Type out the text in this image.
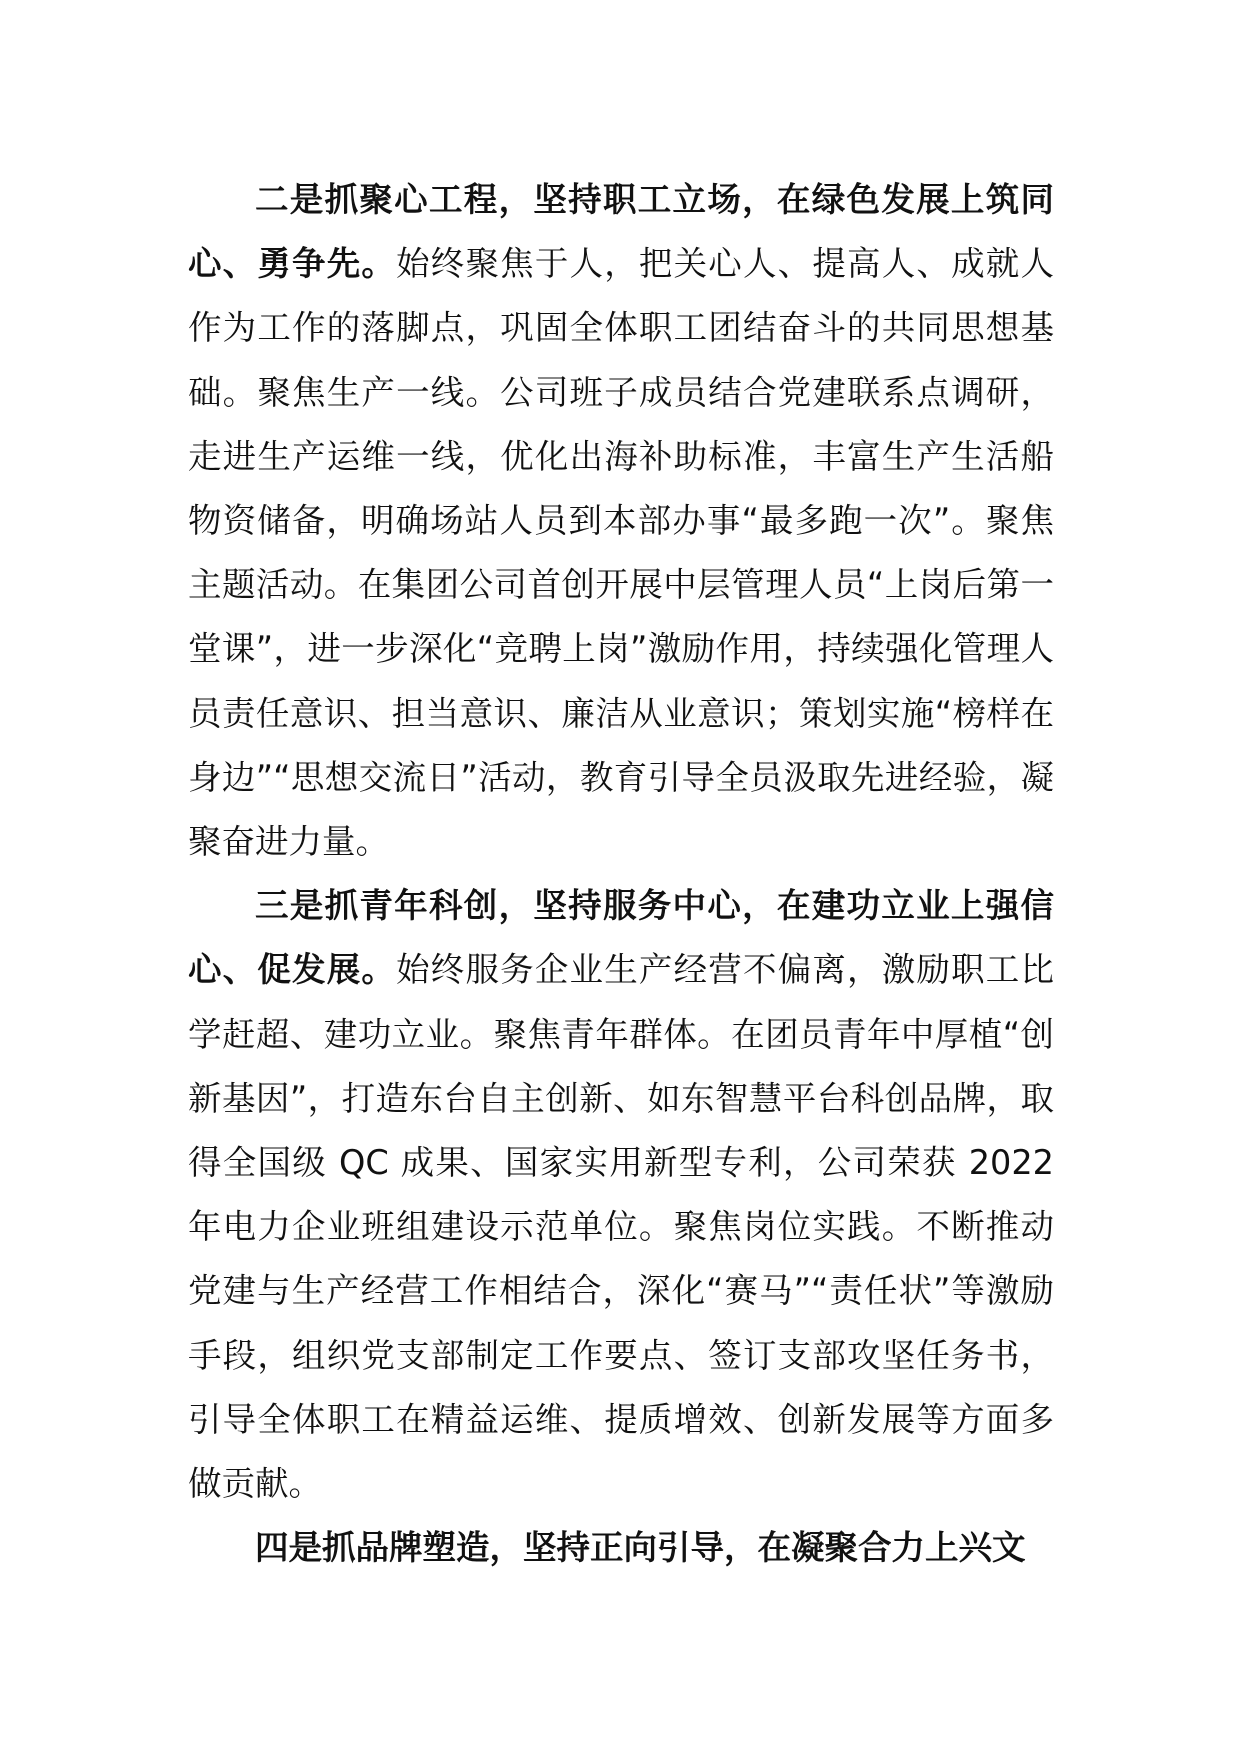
二是抓聚心工程，坚持职工立场，在绿色发展上筑同心、勇争先。始终聚焦于人，把关心人、提高人、成就人作为工作的落脚点，巩固全体职工团结奋斗的共同思想基础。聚焦生产一线。公司班子成员结合党建联系点调研，走进生产运维一线，优化出海补助标准，丰富生产生活船物资储备，明确场站人员到本部办事“最多跑一次”。聚焦主题活动。在集团公司首创开展中层管理人员“上岗后第一堂课”，进一步深化“竞聘上岗”激励作用，持续强化管理人员责任意识、担当意识、廉洁从业意识；策划实施“榜样在身边”“思想交流日”活动，教育引导全员汲取先进经验，凝聚奋进力量。

三是抓青年科创，坚持服务中心，在建功立业上强信心、促发展。始终服务企业生产经营不偏离，激励职工比学赶超、建功立业。聚焦青年群体。在团员青年中厚植“创新基因”，打造东台自主创新、如东智慧平台科创品牌，取得全国级 QC 成果、国家实用新型专利，公司荣获 2022 年电力企业班组建设示范单位。聚焦岗位实践。不断推动党建与生产经营工作相结合，深化“赛马”“责任状”等激励手段，组织党支部制定工作要点、签订支部攻坚任务书，引导全体职工在精益运维、提质增效、创新发展等方面多做贡献。

四是抓品牌塑造，坚持正向引导，在凝聚合力上兴文
